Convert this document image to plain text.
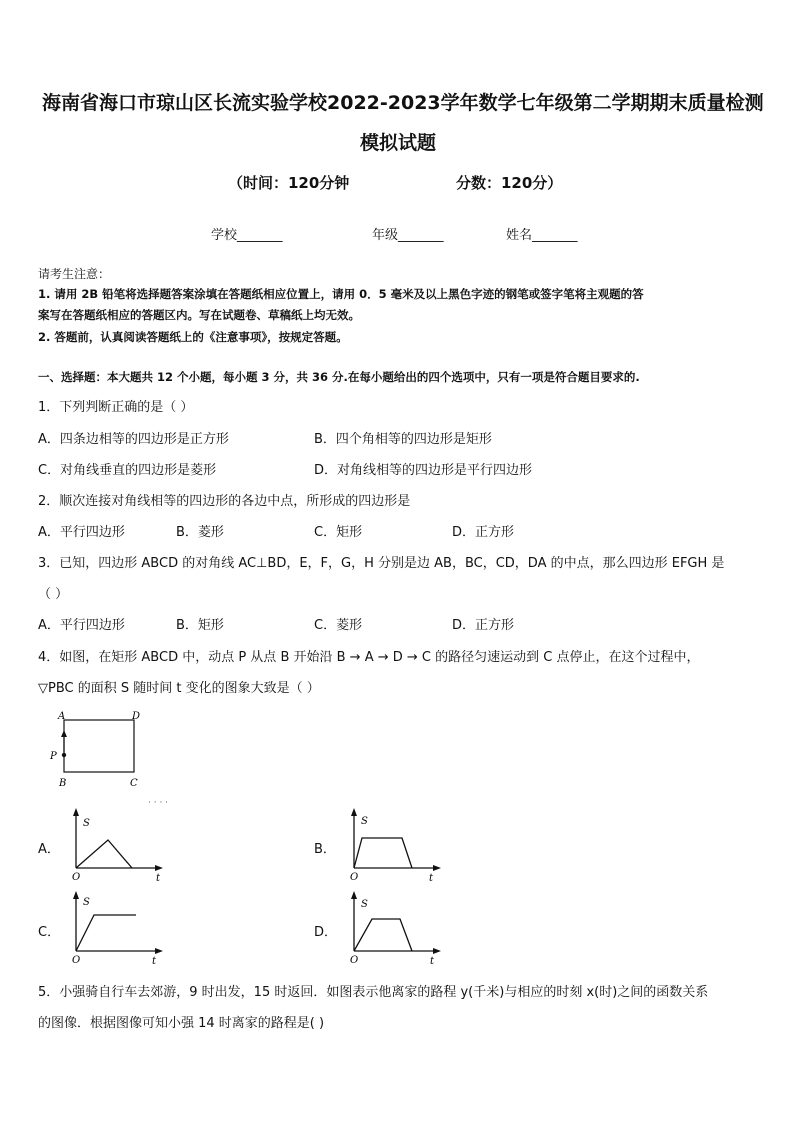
海南省海口市琼山区长流实验学校2022-2023学年数学七年级第二学期期末质量检测
模拟试题
（时间：120分钟	分数：120分）
学校_______	年级_______	姓名_______
请考生注意：
1. 请用 2B 铅笔将选择题答案涂填在答题纸相应位置上，请用 0．5 毫米及以上黑色字迹的钢笔或签字笔将主观题的答
案写在答题纸相应的答题区内。写在试题卷、草稿纸上均无效。
2. 答题前，认真阅读答题纸上的《注意事项》，按规定答题。
一、选择题：本大题共 12 个小题，每小题 3 分，共 36 分.在每小题给出的四个选项中，只有一项是符合题目要求的.
1．下列判断正确的是（ ）
A．四条边相等的四边形是正方形	B．四个角相等的四边形是矩形
C．对角线垂直的四边形是菱形	D．对角线相等的四边形是平行四边形
2．顺次连接对角线相等的四边形的各边中点，所形成的四边形是
A．平行四边形	B．菱形	C．矩形	D．正方形
3．已知，四边形 ABCD 的对角线 AC⊥BD，E，F，G，H 分别是边 AB，BC，CD，DA 的中点，那么四边形 EFGH 是
（ ）
A．平行四边形	B．矩形	C．菱形	D．正方形
4．如图，在矩形 ABCD 中，动点 P 从点 B 开始沿 B → A → D → C 的路径匀速运动到 C 点停止，在这个过程中，
▽PBC 的面积 S 随时间 t 变化的图象大致是（ ）
A	D
P
B	C
· · · ·
A．	B．
C．	D．
S
O	t
S
O	t
S
O	t
S
O	t
5．小强骑自行车去郊游，9 时出发，15 时返回．如图表示他离家的路程 y(千米)与相应的时刻 x(时)之间的函数关系
的图像．根据图像可知小强 14 时离家的路程是( )
